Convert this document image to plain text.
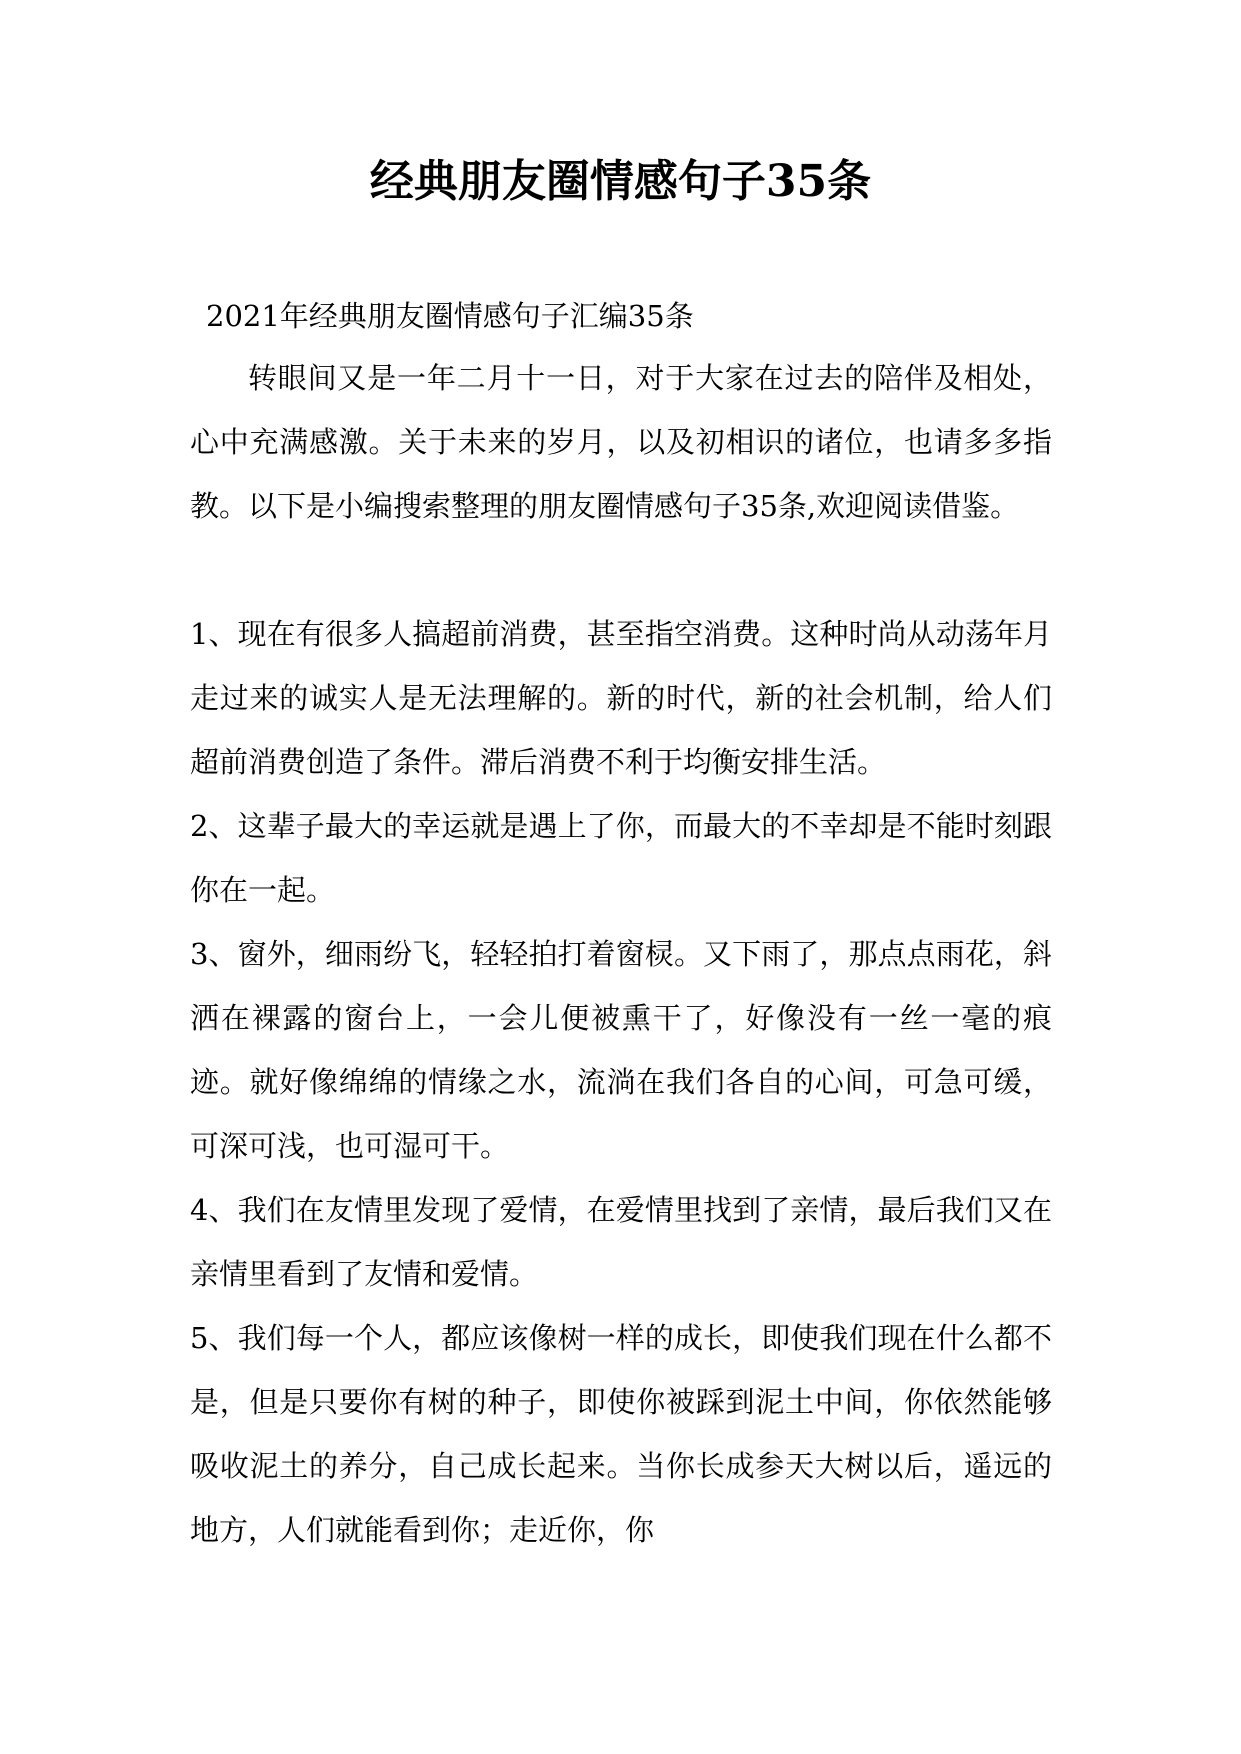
经典朋友圈情感句子35条

2021年经典朋友圈情感句子汇编35条

转眼间又是一年二月十一日，对于大家在过去的陪伴及相处，心中充满感激。关于未来的岁月，以及初相识的诸位，也请多多指教。以下是小编搜索整理的朋友圈情感句子35条,欢迎阅读借鉴。

1、现在有很多人搞超前消费，甚至指空消费。这种时尚从动荡年月走过来的诚实人是无法理解的。新的时代，新的社会机制，给人们超前消费创造了条件。滞后消费不利于均衡安排生活。

2、这辈子最大的幸运就是遇上了你，而最大的不幸却是不能时刻跟你在一起。

3、窗外，细雨纷飞，轻轻拍打着窗棂。又下雨了，那点点雨花，斜洒在裸露的窗台上，一会儿便被熏干了，好像没有一丝一毫的痕迹。就好像绵绵的情缘之水，流淌在我们各自的心间，可急可缓，可深可浅，也可湿可干。

4、我们在友情里发现了爱情，在爱情里找到了亲情，最后我们又在亲情里看到了友情和爱情。

5、我们每一个人，都应该像树一样的成长，即使我们现在什么都不是，但是只要你有树的种子，即使你被踩到泥土中间，你依然能够吸收泥土的养分，自己成长起来。当你长成参天大树以后，遥远的地方，人们就能看到你；走近你，你
